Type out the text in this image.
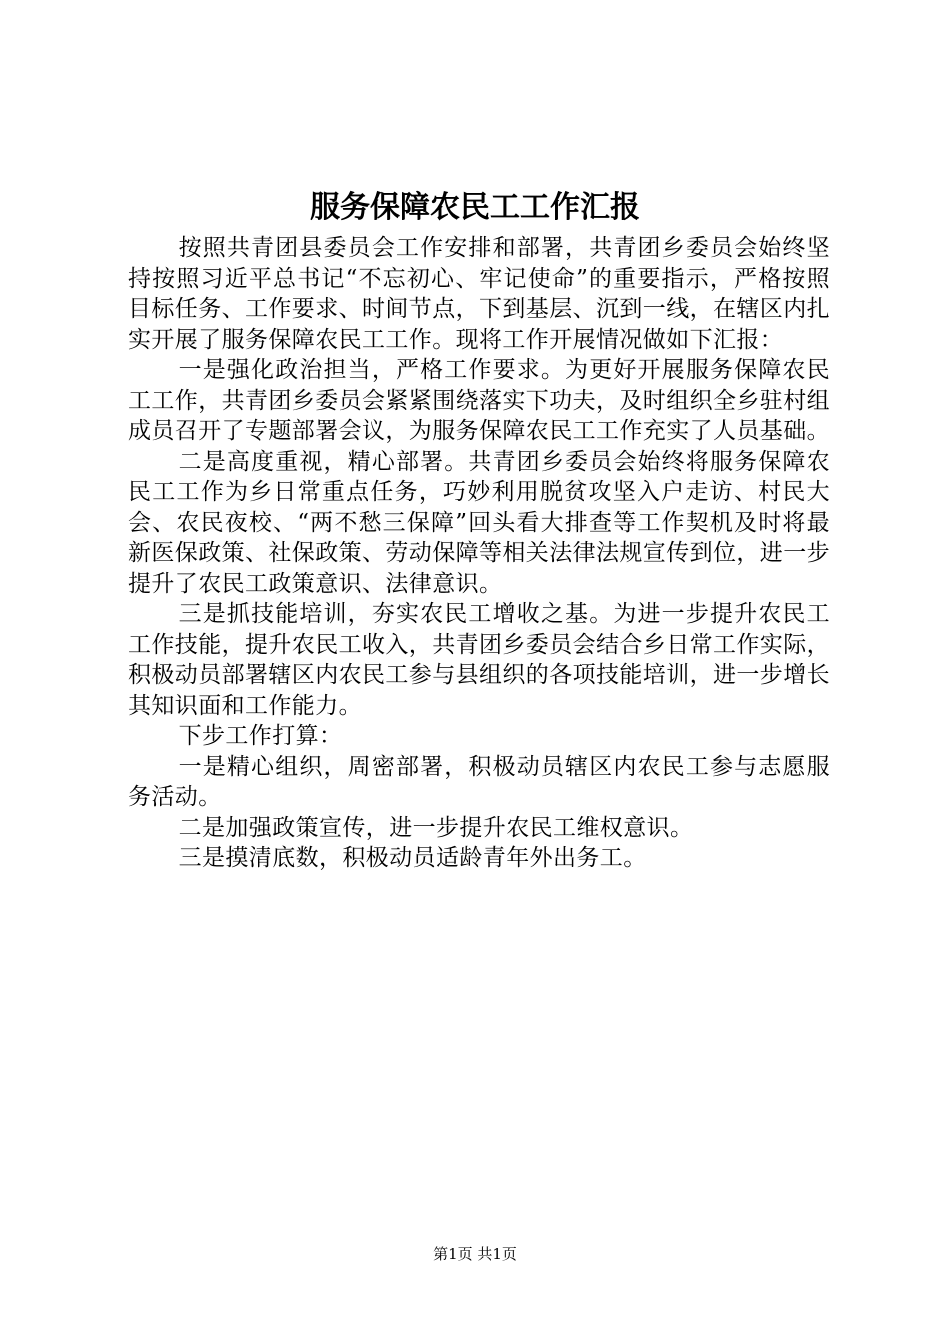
服务保障农民工工作汇报

按照共青团县委员会工作安排和部署，共青团乡委员会始终坚持按照习近平总书记“不忘初心、牢记使命”的重要指示，严格按照目标任务、工作要求、时间节点，下到基层、沉到一线，在辖区内扎实开展了服务保障农民工工作。现将工作开展情况做如下汇报：

一是强化政治担当，严格工作要求。为更好开展服务保障农民工工作，共青团乡委员会紧紧围绕落实下功夫，及时组织全乡驻村组成员召开了专题部署会议，为服务保障农民工工作充实了人员基础。

二是高度重视，精心部署。共青团乡委员会始终将服务保障农民工工作为乡日常重点任务，巧妙利用脱贫攻坚入户走访、村民大会、农民夜校、“两不愁三保障”回头看大排查等工作契机及时将最新医保政策、社保政策、劳动保障等相关法律法规宣传到位，进一步提升了农民工政策意识、法律意识。

三是抓技能培训，夯实农民工增收之基。为进一步提升农民工工作技能，提升农民工收入，共青团乡委员会结合乡日常工作实际，积极动员部署辖区内农民工参与县组织的各项技能培训，进一步增长其知识面和工作能力。

下步工作打算：

一是精心组织，周密部署，积极动员辖区内农民工参与志愿服务活动。

二是加强政策宣传，进一步提升农民工维权意识。

三是摸清底数，积极动员适龄青年外出务工。

第1页 共1页
